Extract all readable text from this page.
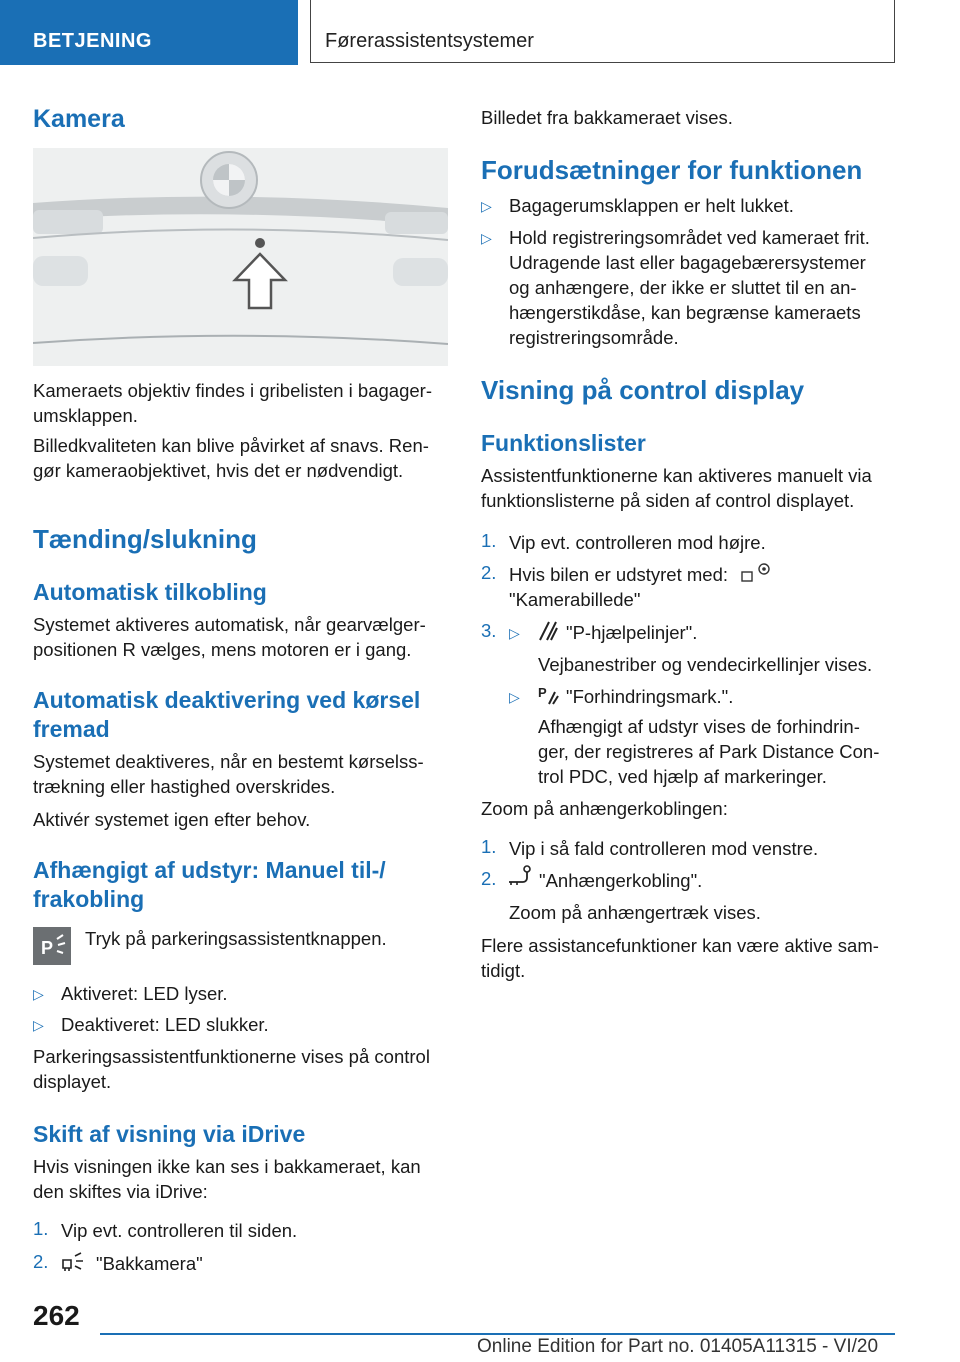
BETJENING	Førerassistentsystemer
Kamera

Kameraets objektiv findes i gribelisten i bagager-
umsklappen.

Billedkvaliteten kan blive påvirket af snavs. Ren-
gør kameraobjektivet, hvis det er nødvendigt.

Tænding/slukning
Automatisk tilkobling

Systemet aktiveres automatisk, når gearvælger-
positionen R vælges, mens motoren er i gang.

Automatisk deaktivering ved kørsel
fremad

Systemet deaktiveres, når en bestemt kørselss-
trækning eller hastighed overskrides.

Aktivér systemet igen efter behov.

Afhængigt af udstyr: Manuel til-/
frakobling
P Tryk på parkeringsassistentknappen.

▷ Aktiveret: LED lyser.
▷ Deaktiveret: LED slukker.

Parkeringsassistentfunktionerne vises på control
displayet.

Skift af visning via iDrive

Hvis visningen ikke kan ses i bakkameraet, kan
den skiftes via iDrive:

1. Vip evt. controlleren til siden.
2.	"Bakkamera"

Billedet fra bakkameraet vises.

Forudsætninger for funktionen
▷ Bagagerumsklappen er helt lukket.
▷ Hold registreringsområdet ved kameraet frit.
Udragende last eller bagagebærersystemer
og anhængere, der ikke er sluttet til en an-
hængerstikdåse, kan begrænse kameraets
registreringsområde.
Visning på control display
Funktionslister

Assistentfunktionerne kan aktiveres manuelt via
funktionslisterne på siden af control displayet.

1. Vip evt. controlleren mod højre.
2. Hvis bilen er udstyret med:
"Kamerabillede"
3. ▷ "P-hjælpelinjer".
Vejbanestriber og vendecirkellinjer vises.
▷ P "Forhindringsmark.".
Afhængigt af udstyr vises de forhindrin-
ger, der registreres af Park Distance Con-
trol PDC, ved hjælp af markeringer.

Zoom på anhængerkoblingen:

1. Vip i så fald controlleren mod venstre.
2. "Anhængerkobling".
Zoom på anhængertræk vises.

Flere assistancefunktioner kan være aktive sam-
tidigt.

262
Online Edition for Part no. 01405A11315 - VI/20
